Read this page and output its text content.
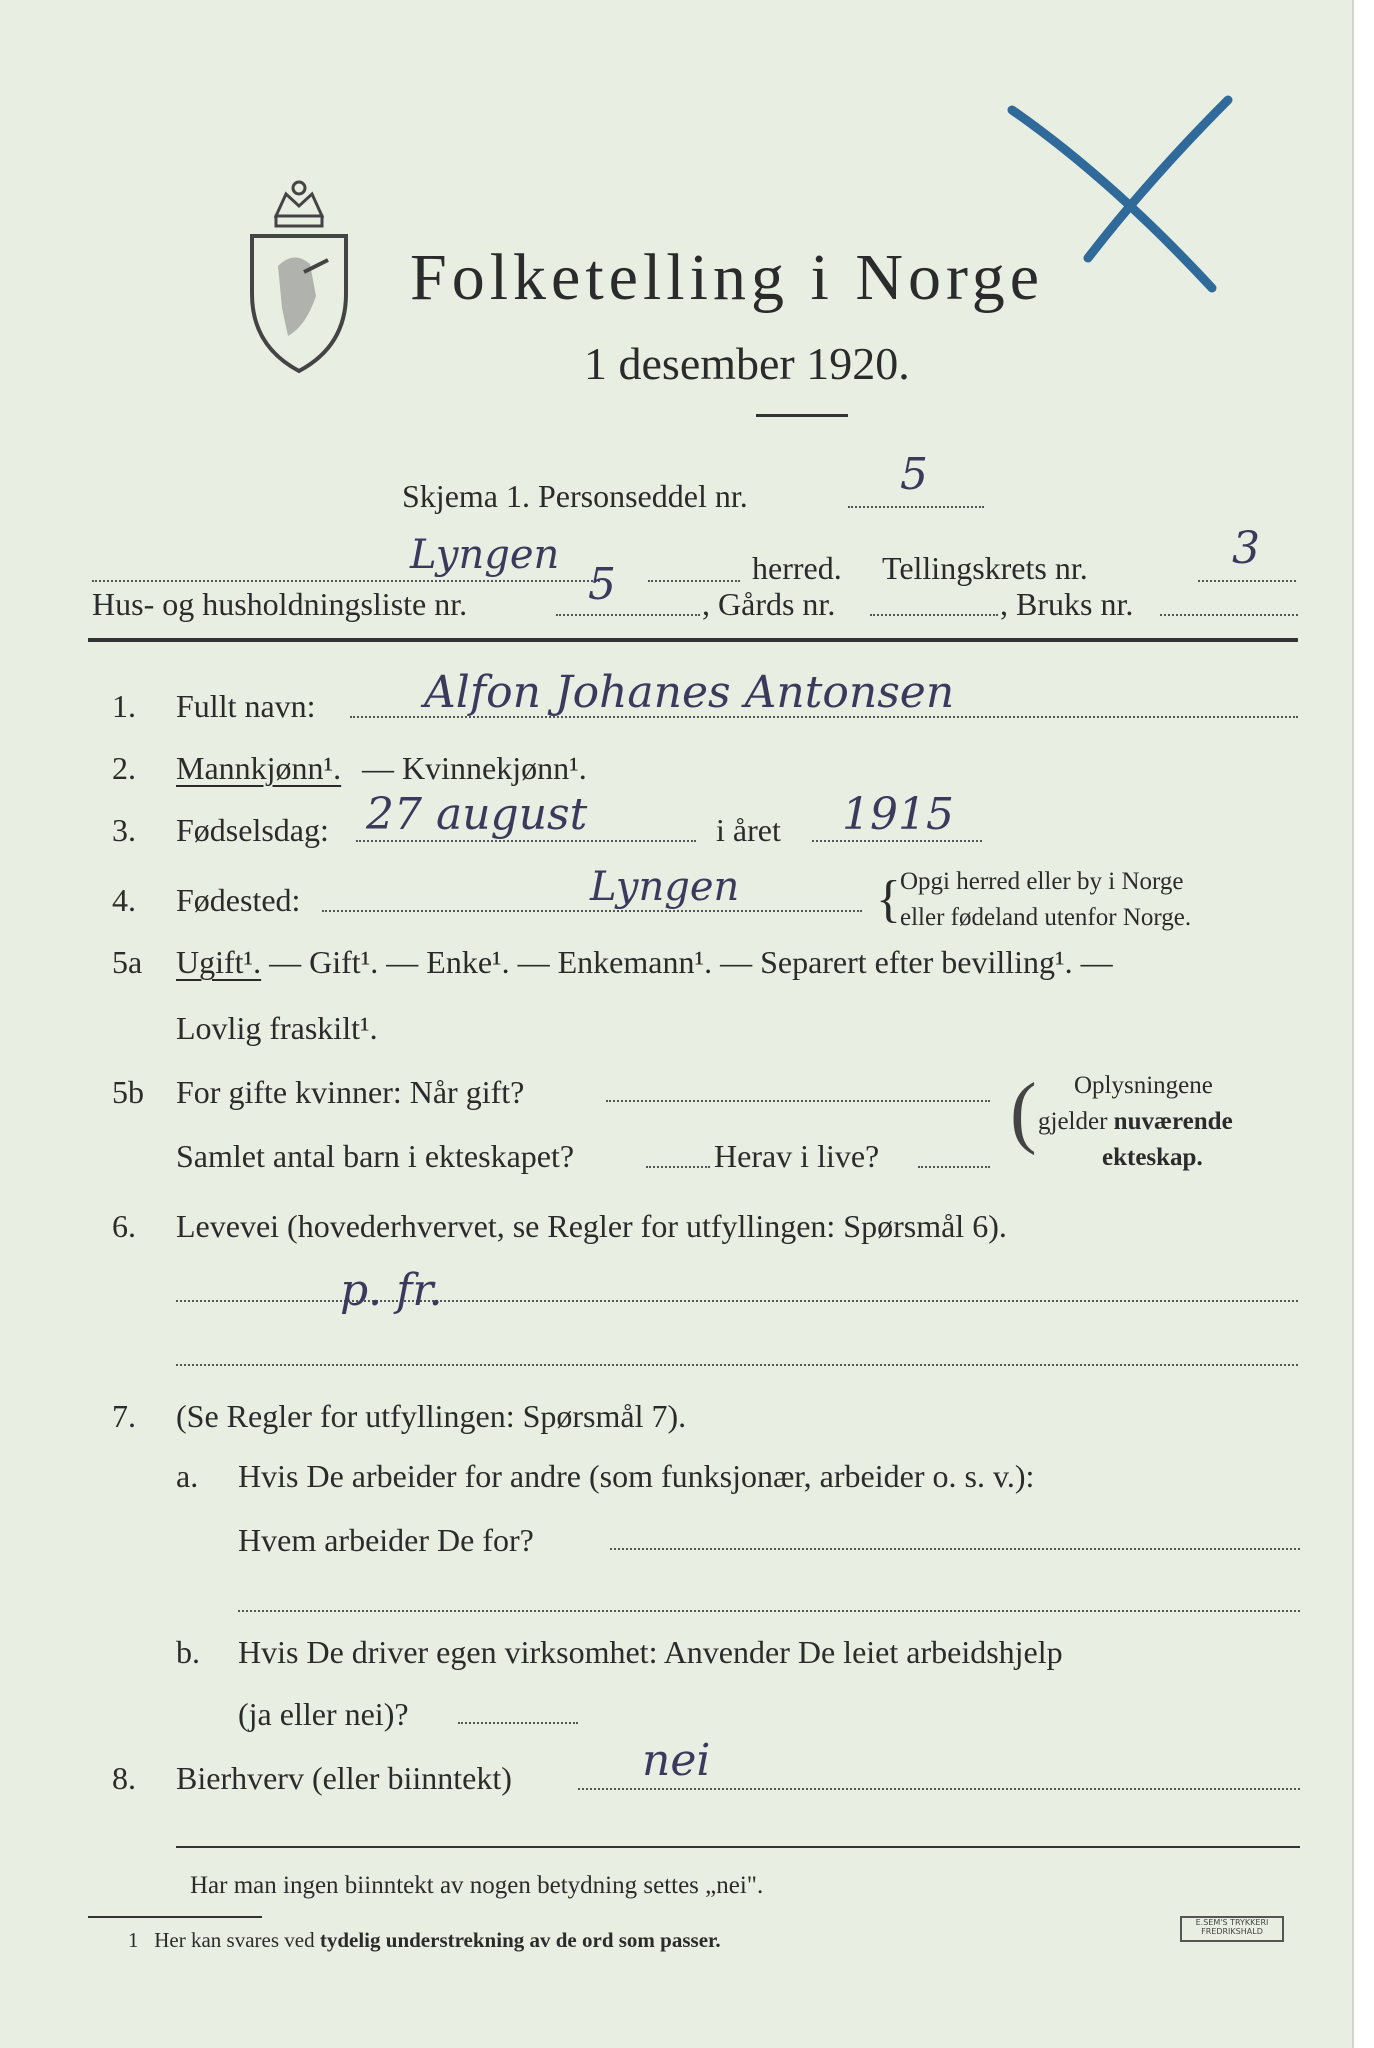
Folketelling i Norge
1 desember 1920.
Skjema 1. Personseddel nr.	5
Lyngen	herred. Tellingskrets nr.	3
Hus- og husholdningsliste nr.	5	, Gårds nr.	, Bruks nr.
1. Fullt navn: Alfon Johanes Antonsen
2. Mannkjønn¹. — Kvinnekjønn¹.
3. Fødselsdag: 27 august	i året 1915
4. Fødested:	Lyngen	{ Opgi herred eller by i Norge
eller fødeland utenfor Norge.
5a Ugift¹. — Gift¹. — Enke¹. — Enkemann¹. — Separert efter bevilling¹. —
Lovlig fraskilt¹.
5b For gifte kvinner: Når gift?
Samlet antal barn i ekteskapet?	Herav i live? ( Oplysningene
gjelder nuværende
ekteskap.
6. Levevei (hovederhvervet, se Regler for utfyllingen: Spørsmål 6).
p. fr.
7. (Se Regler for utfyllingen: Spørsmål 7).
a. Hvis De arbeider for andre (som funksjonær, arbeider o. s. v.):
Hvem arbeider De for?
b. Hvis De driver egen virksomhet: Anvender De leiet arbeidshjelp
(ja eller nei)?
8. Bierhverv (eller biinntekt)	nei
Har man ingen biinntekt av nogen betydning settes „nei".
1 Her kan svares ved tydelig understrekning av de ord som passer.
E.SEM'S TRYKKERI FREDRIKSHALD
